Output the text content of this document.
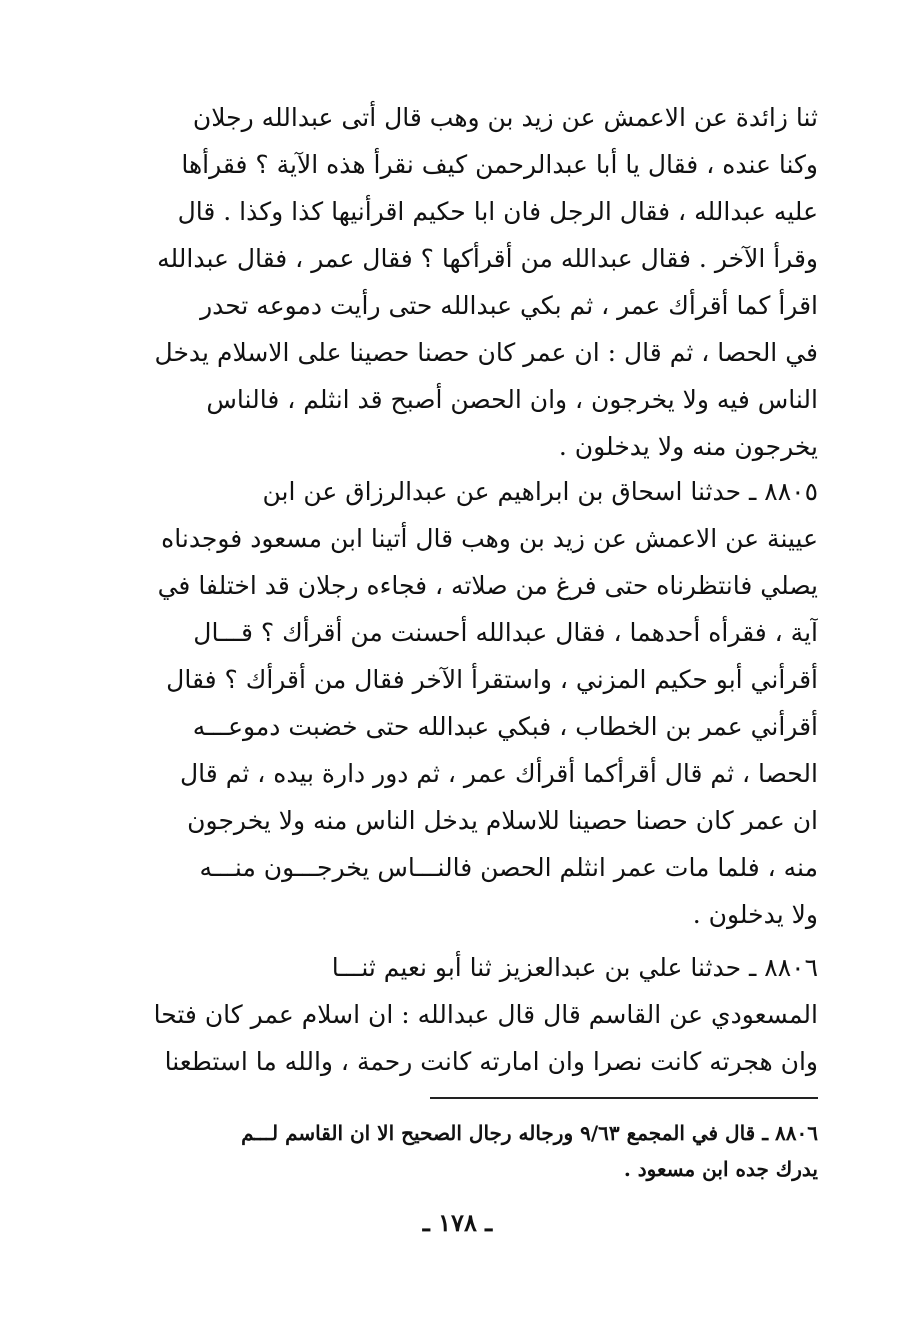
ثنا زائدة عن الاعمش عن زيد بن وهب قال أتى عبدالله رجلان
وكنا عنده ، فقال يا أبا عبدالرحمن كيف نقرأ هذه الآية ؟ فقرأها
عليه عبدالله ، فقال الرجل فان ابا حكيم اقرأنيها كذا وكذا . قال
وقرأ الآخر . فقال عبدالله من أقرأكها ؟ فقال عمر ، فقال عبدالله
اقرأ كما أقرأك عمر ، ثم بكي عبدالله حتى رأيت دموعه تحدر
في الحصا ، ثم قال : ان عمر كان حصنا حصينا على الاسلام يدخل
الناس فيه ولا يخرجون ، وان الحصن أصبح قد انثلم ، فالناس
يخرجون منه ولا يدخلون .
٨٨٠٥ ـ حدثنا اسحاق بن ابراهيم عن عبدالرزاق عن ابن
عيينة عن الاعمش عن زيد بن وهب قال أتينا ابن مسعود فوجدناه
يصلي فانتظرناه حتى فرغ من صلاته ، فجاءه رجلان قد اختلفا في
آية ، فقرأه أحدهما ، فقال عبدالله أحسنت من أقرأك ؟ قـــال
أقرأني أبو حكيم المزني ، واستقرأ الآخر فقال من أقرأك ؟ فقال
أقرأني عمر بن الخطاب ، فبكي عبدالله حتى خضبت دموعـــه
الحصا ، ثم قال أقرأكما أقرأك عمر ، ثم دور دارة بيده ، ثم قال
ان عمر كان حصنا حصينا للاسلام يدخل الناس منه ولا يخرجون
منه ، فلما مات عمر انثلم الحصن فالنـــاس يخرجـــون منـــه
ولا يدخلون .
٨٨٠٦ ـ حدثنا علي بن عبدالعزيز ثنا أبو نعيم ثنـــا
المسعودي عن القاسم قال قال عبدالله : ان اسلام عمر كان فتحا
وان هجرته كانت نصرا وان امارته كانت رحمة ، والله ما استطعنا
٨٨٠٦ ـ قال في المجمع ٩/٦٣ ورجاله رجال الصحيح الا ان القاسم لـــم
يدرك جده ابن مسعود .
ـ ١٧٨ ـ
